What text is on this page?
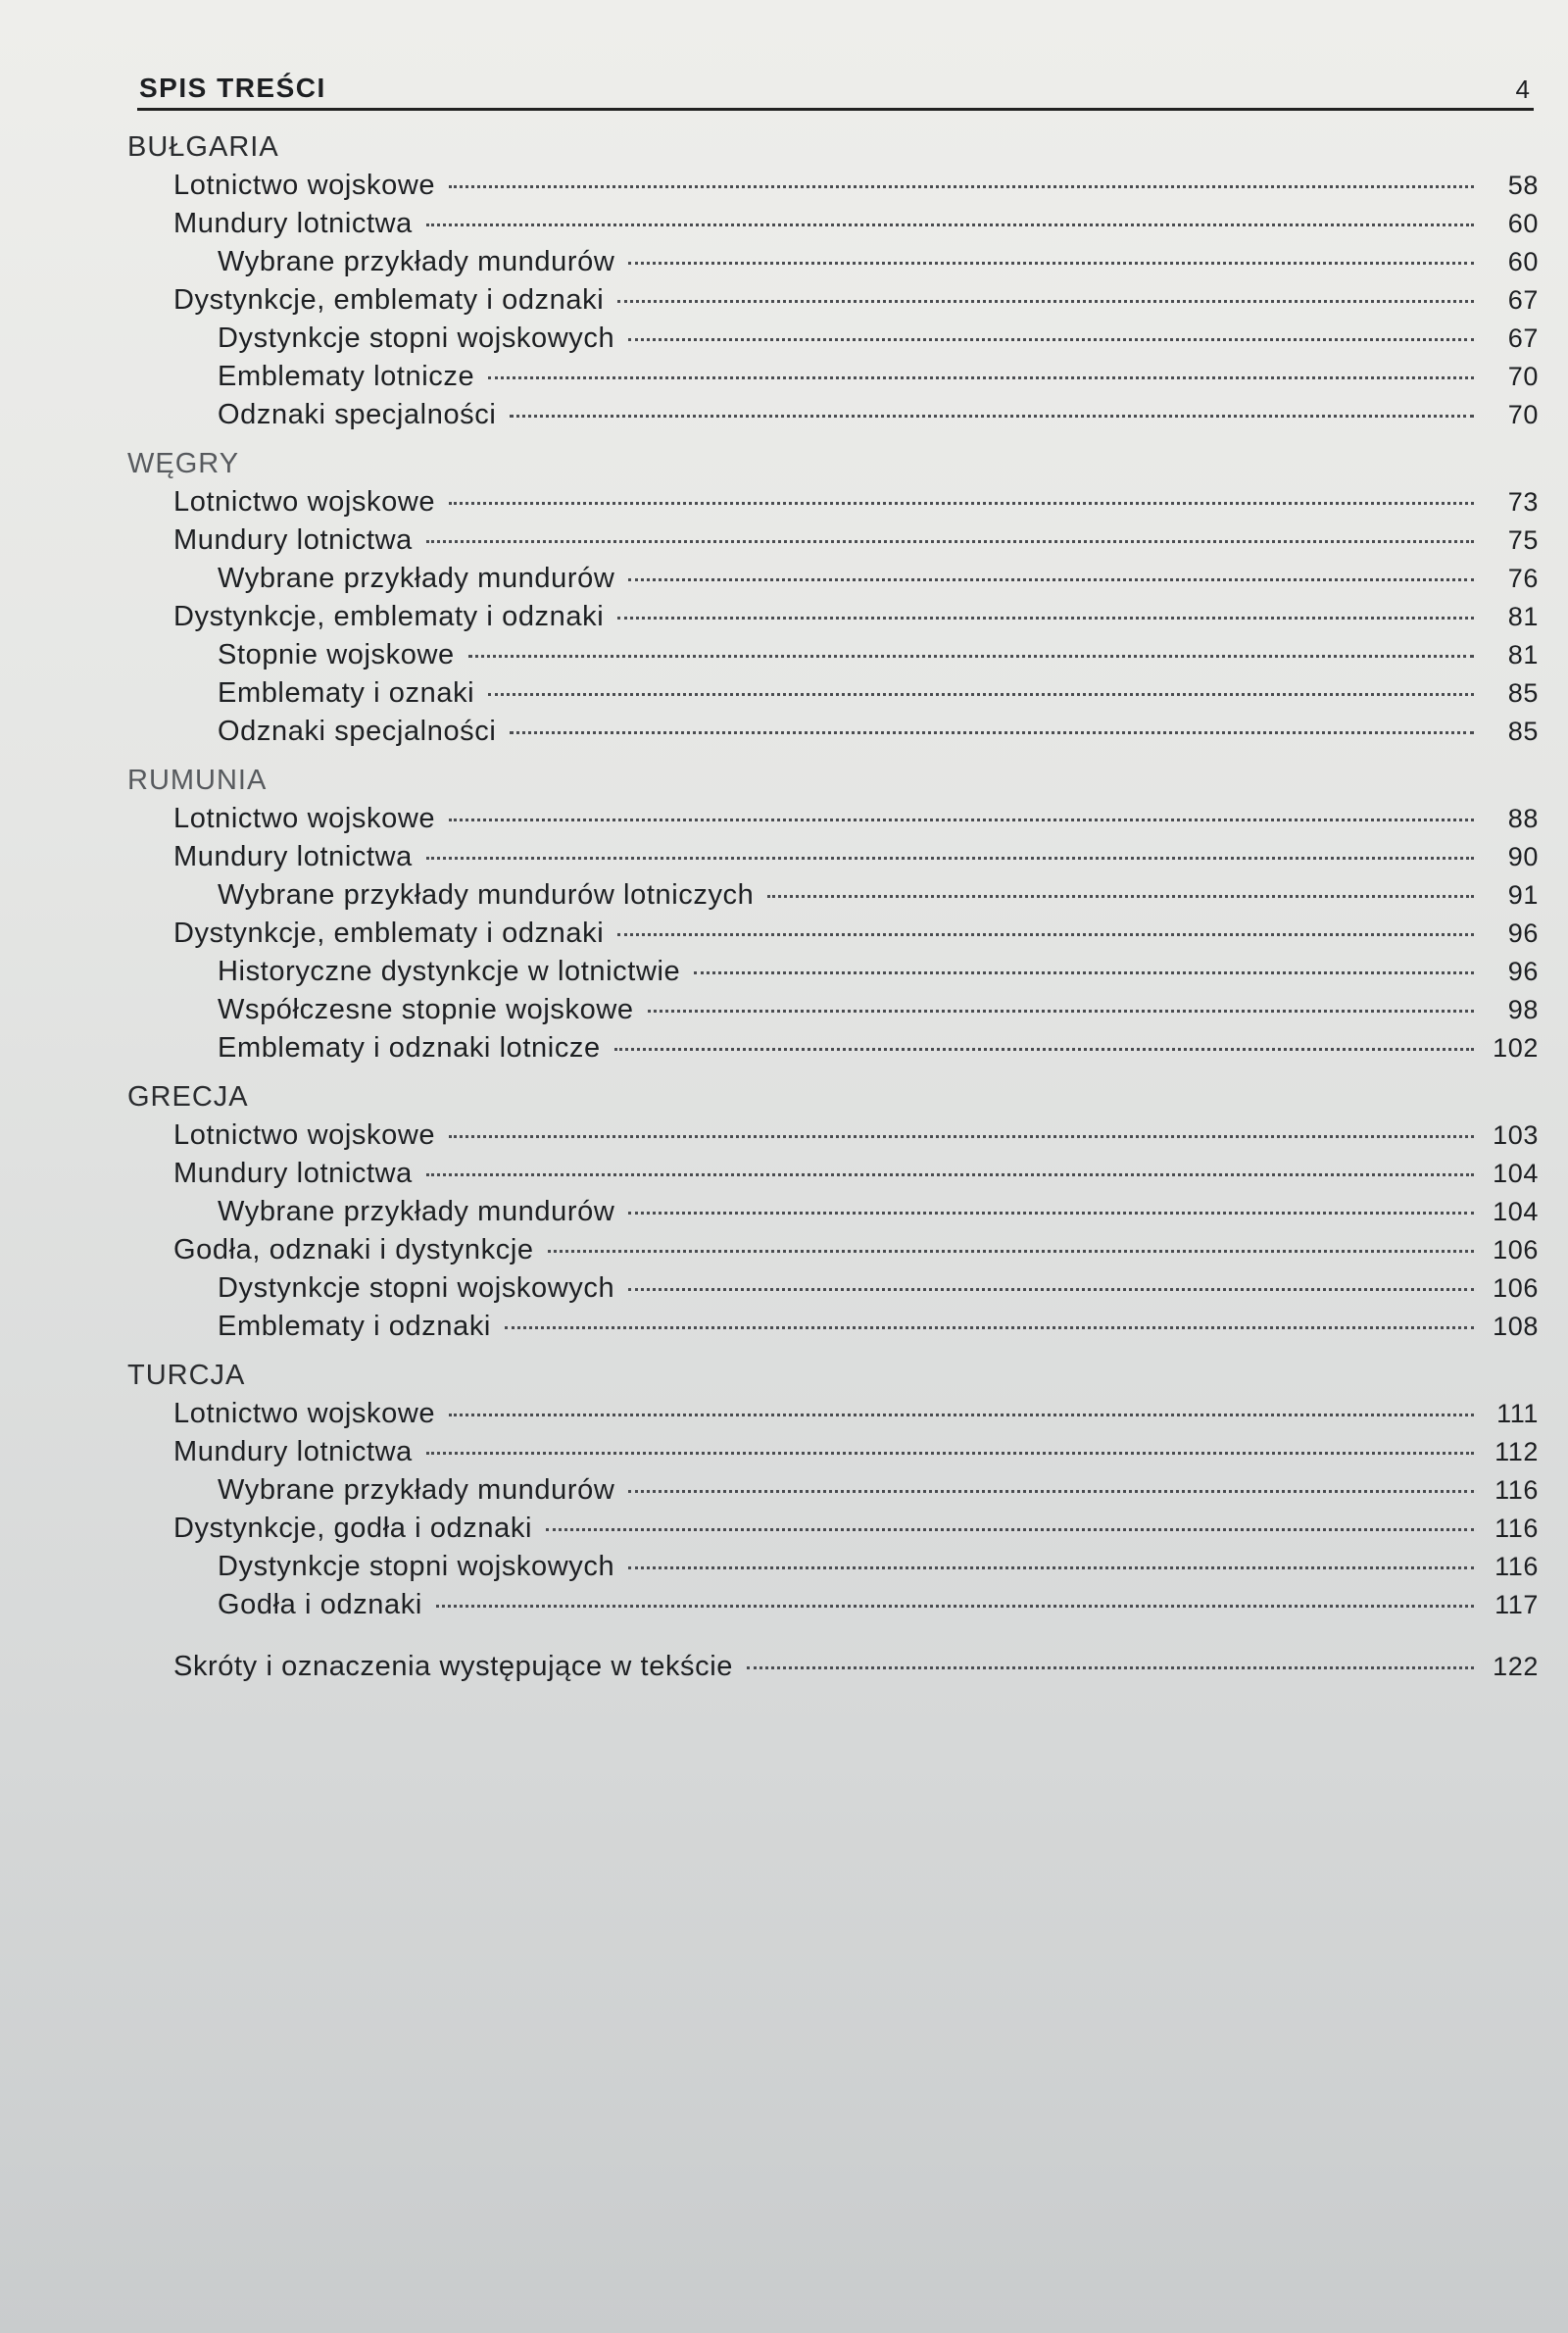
SPIS TREŚCI	4
BUŁGARIA
Lotnictwo wojskowe	58
Mundury lotnictwa	60
Wybrane przykłady mundurów	60
Dystynkcje, emblematy i odznaki	67
Dystynkcje stopni wojskowych	67
Emblematy lotnicze	70
Odznaki specjalności	70
WĘGRY
Lotnictwo wojskowe	73
Mundury lotnictwa	75
Wybrane przykłady mundurów	76
Dystynkcje, emblematy i odznaki	81
Stopnie wojskowe	81
Emblematy i oznaki	85
Odznaki specjalności	85
RUMUNIA
Lotnictwo wojskowe	88
Mundury lotnictwa	90
Wybrane przykłady mundurów lotniczych	91
Dystynkcje, emblematy i odznaki	96
Historyczne dystynkcje w lotnictwie	96
Współczesne stopnie wojskowe	98
Emblematy i odznaki lotnicze	102
GRECJA
Lotnictwo wojskowe	103
Mundury lotnictwa	104
Wybrane przykłady mundurów	104
Godła, odznaki i dystynkcje	106
Dystynkcje stopni wojskowych	106
Emblematy i odznaki	108
TURCJA
Lotnictwo wojskowe	111
Mundury lotnictwa	112
Wybrane przykłady mundurów	116
Dystynkcje, godła i odznaki	116
Dystynkcje stopni wojskowych	116
Godła i odznaki	117
Skróty i oznaczenia występujące w tekście	122
